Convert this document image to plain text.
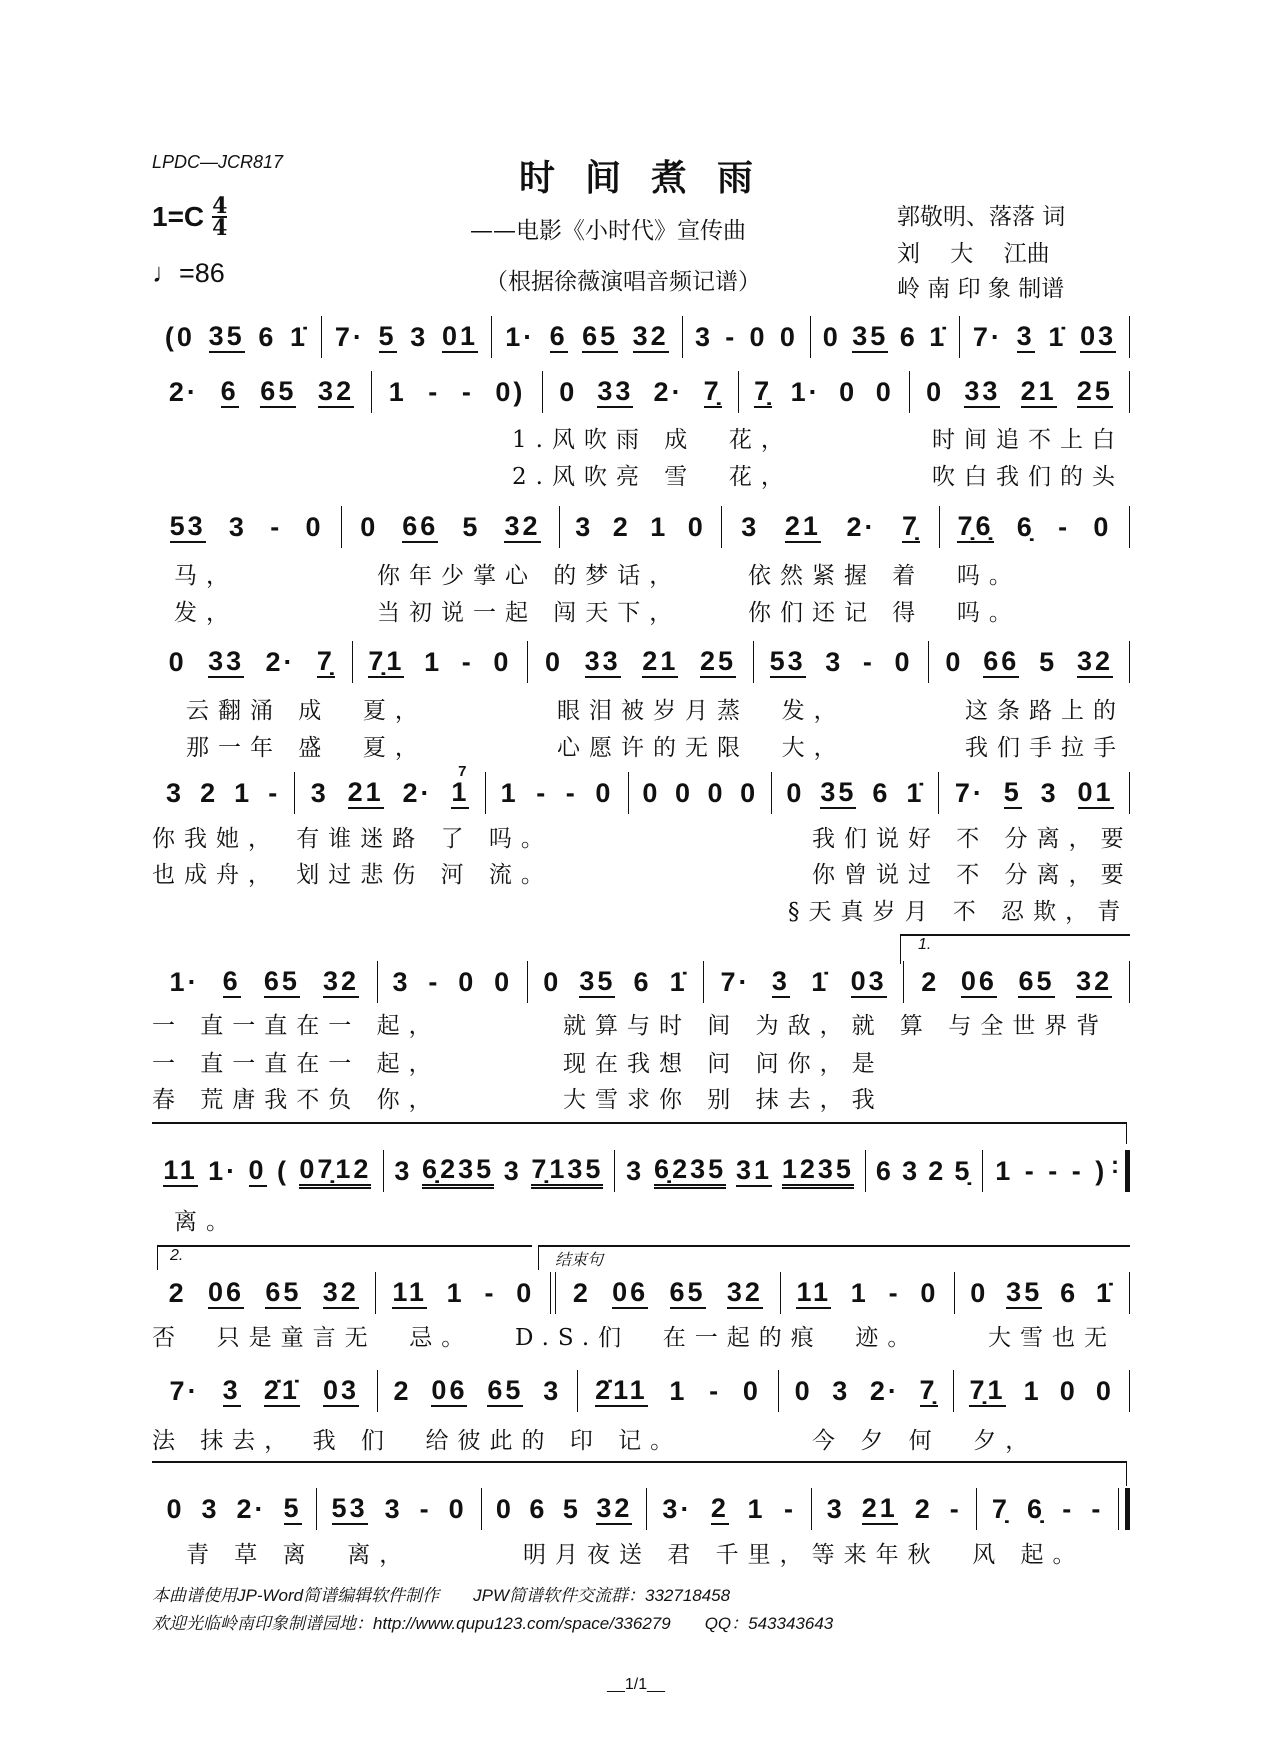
LPDC—JCR817	时间煮雨
——电影《小时代》宣传曲
（根据徐薇演唱音频记谱）
郭敬明、落落 词
刘　 大　 江曲
岭 南 印 象 制谱
$1=C \frac{4}{4}$
♩=86
(0 35 6 1̇ 7· 5 3 01 1· 6 65 32 3 - 0 0 0 35 6 1̇ 7· 3 1̇ 03
2· 6 65 32 1 - - 0) 0 33 2· 7̣ 7̣ 1· 0 0 0 33 21 25
1.风吹雨 成  花，	时间追不上白
2.风吹亮 雪  花，	吹白我们的头
53 3 - 0 0 66 5 32 3 2 1 0 3 21 2· 7̣ 7̣6̣ 6̣ - 0
马，	你年少掌心 的梦话，	依然紧握 着  吗。
发，	当初说一起 闯天下，	你们还记 得  吗。
0 33 2· 7̣ 7̣1 1 - 0 0 33 21 25 53 3 - 0 0 66 5 32
云翻涌 成  夏，	眼泪被岁月蒸  发，	这条路上的
那一年 盛  夏，	心愿许的无限  大，	我们手拉手
3 2 1 - 3 21 2· 1
7
1 - - 0 0 0 0 0 0 35 6 1̇ 7· 5 3 01
你我她， 有谁迷路 了 吗。	我们说好 不 分离，要
也成舟， 划过悲伤 河 流。	你曾说过 不 分离，要
§天真岁月 不 忍欺，青
1· 6 65 32 3 - 0 0 0 35 6 1̇ 7· 3 1̇ 03 2 06 65 32
一 直一直在一 起，	就算与时 间 为敌，就 算 与全世界背
一 直一直在一 起，	现在我想 问 问你，是
春 荒唐我不负 你，	大雪求你 别 抹去，我
11 1· 0 ( 07̣12 3 6̣235 3 7̣135 3 6̣235 31 1235 6 3 2 5̣ 1 - - - )
:
离。
2 06 65 32 11 1 - 0 2 06 65 32 11 1 - 0 0 35 6 1̇
否  只是童言无  忌。 D.S.们  在一起的痕  迹。	大雪也无
7· 3 2̇1̇ 03 2 06 65 3 2̇11 1 - 0 0 3 2· 7̣ 7̣1 1 0 0
法 抹去， 我 们  给彼此的 印 记。	今 夕 何  夕，
0 3 2· 5 53 3 - 0 0 6 5 32 3· 2 1 - 3 21 2 - 7̣ 6̣ - -
青 草 离  离，	明月夜送 君 千里，等来年秋  风 起。
1.
2.	结束句
本曲谱使用JP-Word简谱编辑软件制作　　JPW简谱软件交流群：332718458
欢迎光临岭南印象制谱园地：http://www.qupu123.com/space/336279　　QQ：543343643
__1/1__
